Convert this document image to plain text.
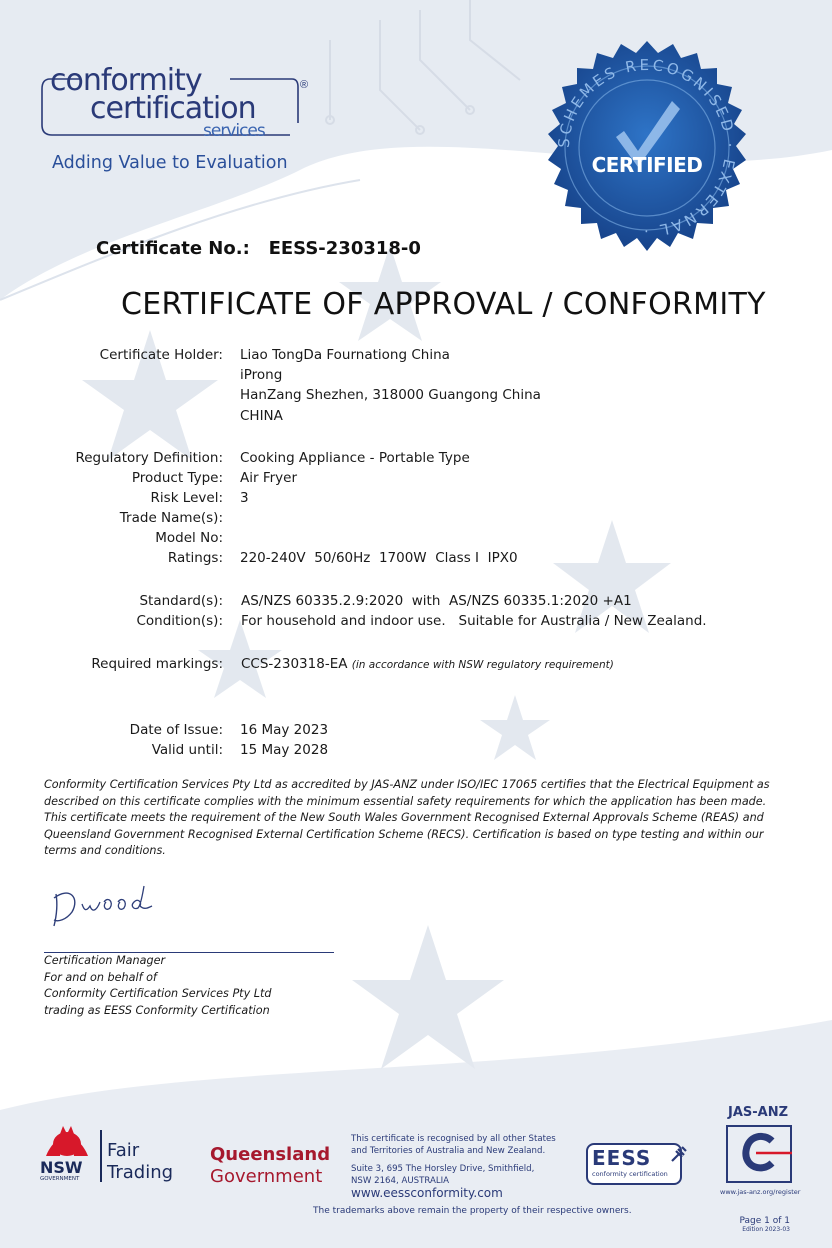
conformity
certification
services
®
Adding Value to Evaluation
SCHEMES RECOGNISED · EXTERNAL ·
CERTIFIED
Certificate No.: EESS-230318-0
CERTIFICATE OF APPROVAL / CONFORMITY
Certificate Holder: Liao TongDa Fournationg China
iProng
HanZang Shezhen, 318000 Guangong China
CHINA
Regulatory Definition: Cooking Appliance - Portable Type
Product Type: Air Fryer
Risk Level: 3
Trade Name(s):
Model No:
Ratings: 220-240V  50/60Hz  1700W  Class I  IPX0
Standard(s): AS/NZS 60335.2.9:2020  with  AS/NZS 60335.1:2020 +A1
Condition(s): For household and indoor use.   Suitable for Australia / New Zealand.
Required markings: CCS-230318-EA (in accordance with NSW regulatory requirement)
Date of Issue: 16 May 2023
Valid until: 15 May 2028
Conformity Certification Services Pty Ltd as accredited by JAS-ANZ under ISO/IEC 17065 certifies that the Electrical Equipment as
described on this certificate complies with the minimum essential safety requirements for which the application has been made.
This certificate meets the requirement of the New South Wales Government Recognised External Approvals Scheme (REAS) and
Queensland Government Recognised External Certification Scheme (RECS). Certification is based on type testing and within our
terms and conditions.
Certification Manager
For and on behalf of
Conformity Certification Services Pty Ltd
trading as EESS Conformity Certification
NSW
GOVERNMENT
Fair
Trading
Queensland
Government
This certificate is recognised by all other States
and Territories of Australia and New Zealand.
Suite 3, 695 The Horsley Drive, Smithfield,
NSW 2164, AUSTRALIA
www.eessconformity.com
The trademarks above remain the property of their respective owners.
EESS
conformity certification
JAS-ANZ
www.jas-anz.org/register
Page 1 of 1
Edition 2023-03
